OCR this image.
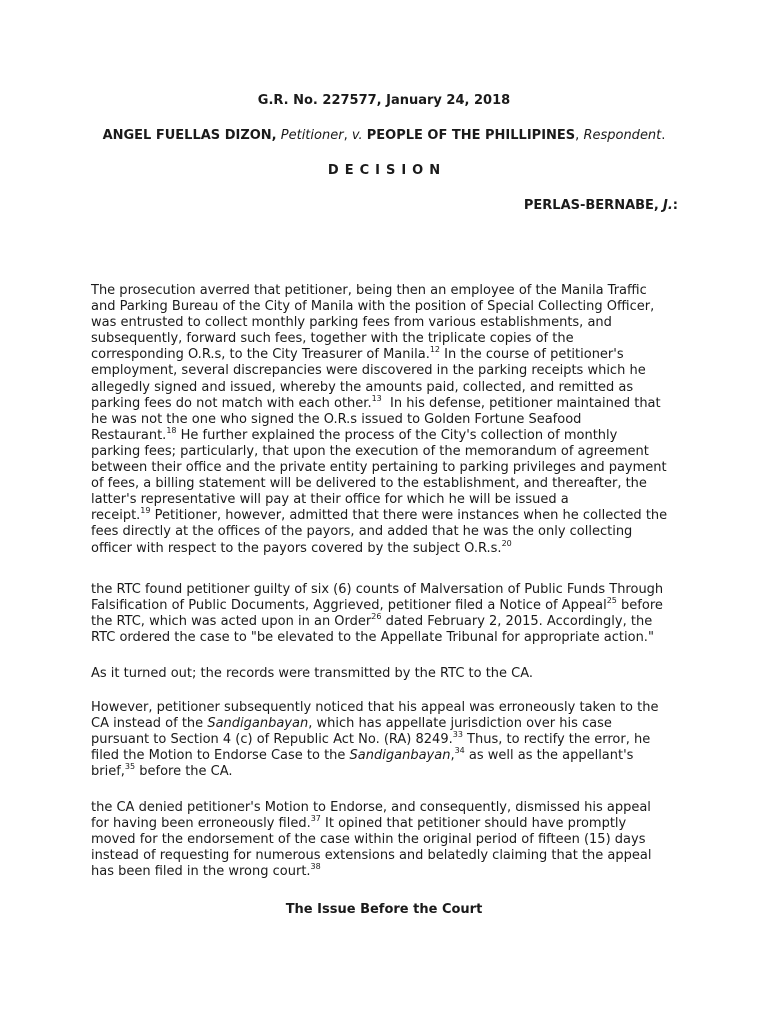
G.R. No. 227577, January 24, 2018
ANGEL FUELLAS DIZON, Petitioner, v. PEOPLE OF THE PHILLIPINES, Respondent.
DECISION
PERLAS-BERNABE, J.:
The prosecution averred that petitioner, being then an employee of the Manila Traffic
and Parking Bureau of the City of Manila with the position of Special Collecting Officer,
was entrusted to collect monthly parking fees from various establishments, and
subsequently, forward such fees, together with the triplicate copies of the
corresponding O.R.s, to the City Treasurer of Manila.$^{12}$ In the course of petitioner's
employment, several discrepancies were discovered in the parking receipts which he
allegedly signed and issued, whereby the amounts paid, collected, and remitted as
parking fees do not match with each other.$^{13}$  In his defense, petitioner maintained that
he was not the one who signed the O.R.s issued to Golden Fortune Seafood
Restaurant.$^{18}$ He further explained the process of the City's collection of monthly
parking fees; particularly, that upon the execution of the memorandum of agreement
between their office and the private entity pertaining to parking privileges and payment
of fees, a billing statement will be delivered to the establishment, and thereafter, the
latter's representative will pay at their office for which he will be issued a
receipt.$^{19}$ Petitioner, however, admitted that there were instances when he collected the
fees directly at the offices of the payors, and added that he was the only collecting
officer with respect to the payors covered by the subject O.R.s.$^{20}$
the RTC found petitioner guilty of six (6) counts of Malversation of Public Funds Through
Falsification of Public Documents, Aggrieved, petitioner filed a Notice of Appeal$^{25}$ before
the RTC, which was acted upon in an Order$^{26}$ dated February 2, 2015. Accordingly, the
RTC ordered the case to "be elevated to the Appellate Tribunal for appropriate action."
As it turned out; the records were transmitted by the RTC to the CA.
However, petitioner subsequently noticed that his appeal was erroneously taken to the
CA instead of the Sandiganbayan, which has appellate jurisdiction over his case
pursuant to Section 4 (c) of Republic Act No. (RA) 8249.33 Thus, to rectify the error, he
filed the Motion to Endorse Case to the Sandiganbayan,$^{34}$ as well as the appellant's
brief,$^{35}$ before the CA.
the CA denied petitioner's Motion to Endorse, and consequently, dismissed his appeal
for having been erroneously filed.$^{37}$ It opined that petitioner should have promptly
moved for the endorsement of the case within the original period of fifteen (15) days
instead of requesting for numerous extensions and belatedly claiming that the appeal
has been filed in the wrong court.$^{38}$
The Issue Before the Court
